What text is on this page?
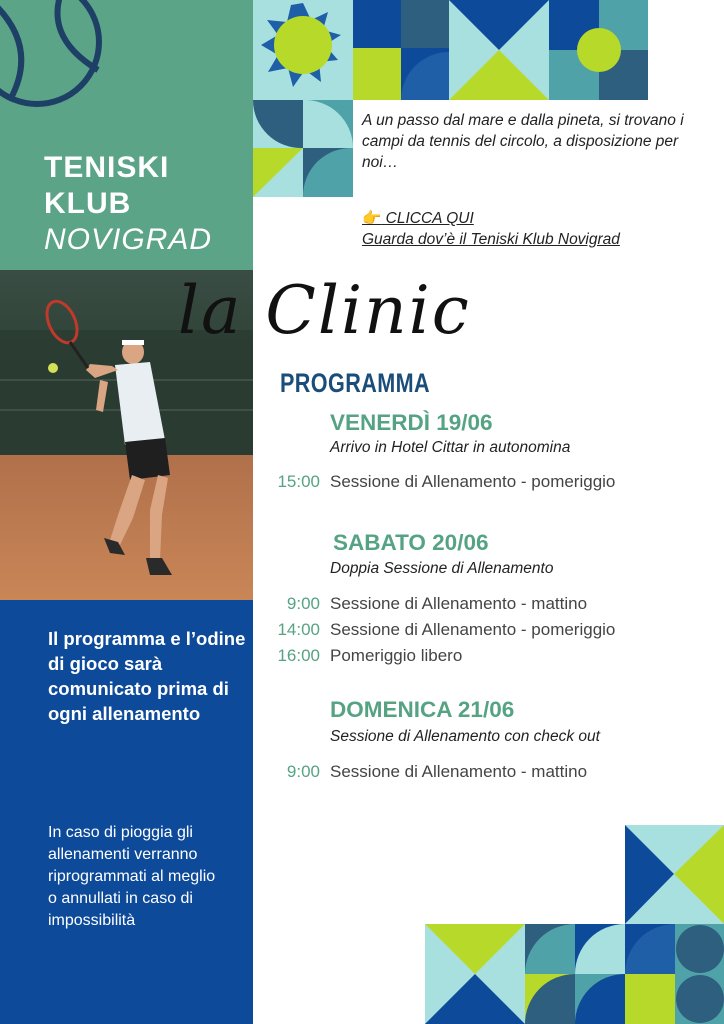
TENISKI
KLUB
NOVIGRAD
Il programma e l’odine di gioco sarà comunicato prima di ogni allenamento
In caso di pioggia gli allenamenti verranno riprogrammati al meglio o annullati in caso di impossibilità
A un passo dal mare e dalla pineta, si trovano i campi da tennis del circolo, a disposizione per noi…
👉 CLICCA QUI
Guarda dov’è il Teniski Klub Novigrad
la Clinic
PROGRAMMA
VENERDÌ 19/06
Arrivo in Hotel Cittar in autonomina
15:00 Sessione di Allenamento - pomeriggio
SABATO 20/06
Doppia Sessione di Allenamento
9:00 Sessione di Allenamento - mattino
14:00 Sessione di Allenamento - pomeriggio
16:00 Pomeriggio libero
DOMENICA 21/06
Sessione di Allenamento con check out
9:00 Sessione di Allenamento - mattino
